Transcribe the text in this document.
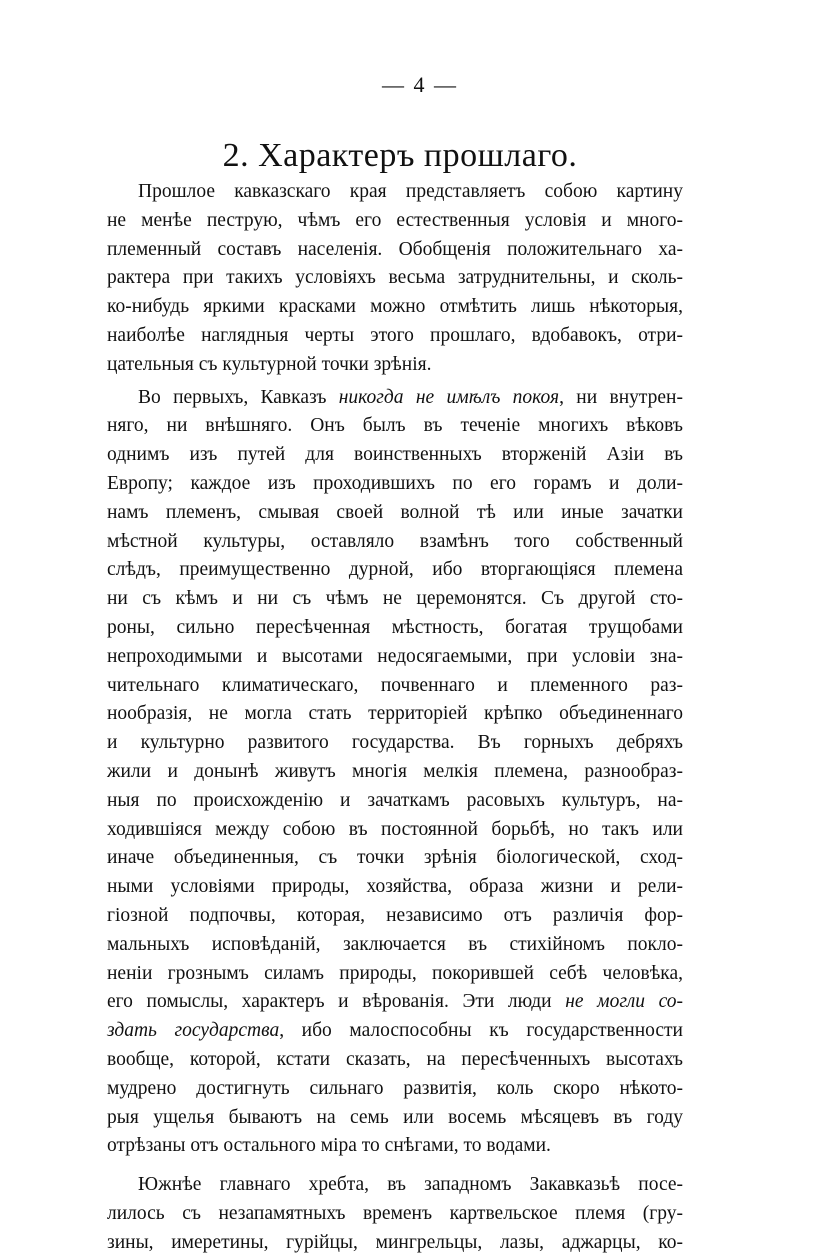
— 4 —
2. Характеръ прошлаго.
Прошлое кавказскаго края представляетъ собою картину
не менѣе пеструю, чѣмъ его естественныя условія и много-
племенный составъ населенія. Обобщенія положительнаго ха-
рактера при такихъ условіяхъ весьма затруднительны, и сколь-
ко-нибудь яркими красками можно отмѣтить лишь нѣкоторыя,
наиболѣе наглядныя черты этого прошлаго, вдобавокъ, отри-
цательныя съ культурной точки зрѣнія.
Во первыхъ, Кавказъ никогда не имѣлъ покоя, ни внутрен-
няго, ни внѣшняго. Онъ былъ въ теченіе многихъ вѣковъ
однимъ изъ путей для воинственныхъ вторженій Азіи въ
Европу; каждое изъ проходившихъ по его горамъ и доли-
намъ племенъ, смывая своей волной тѣ или иные зачатки
мѣстной культуры, оставляло взамѣнъ того собственный
слѣдъ, преимущественно дурной, ибо вторгающіяся племена
ни съ кѣмъ и ни съ чѣмъ не церемонятся. Съ другой сто-
роны, сильно пересѣченная мѣстность, богатая трущобами
непроходимыми и высотами недосягаемыми, при условіи зна-
чительнаго климатическаго, почвеннаго и племенного раз-
нообразія, не могла стать территоріей крѣпко объединеннаго
и культурно развитого государства. Въ горныхъ дебряхъ
жили и донынѣ живутъ многія мелкія племена, разнообраз-
ныя по происхожденію и зачаткамъ расовыхъ культуръ, на-
ходившіяся между собою въ постоянной борьбѣ, но такъ или
иначе объединенныя, съ точки зрѣнія біологической, сход-
ными условіями природы, хозяйства, образа жизни и рели-
гіозной подпочвы, которая, независимо отъ различія фор-
мальныхъ исповѣданій, заключается въ стихійномъ покло-
неніи грознымъ силамъ природы, покорившей себѣ человѣка,
его помыслы, характеръ и вѣрованія. Эти люди не могли со-
здать государства, ибо малоспособны къ государственности
вообще, которой, кстати сказать, на пересѣченныхъ высотахъ
мудрено достигнуть сильнаго развитія, коль скоро нѣкото-
рыя ущелья бываютъ на семь или восемь мѣсяцевъ въ году
отрѣзаны отъ остального міра то снѣгами, то водами.
Южнѣе главнаго хребта, въ западномъ Закавказьѣ посе-
лилось съ незапамятныхъ временъ картвельское племя (гру-
зины, имеретины, гурійцы, мингрельцы, лазы, аджарцы, ко-
